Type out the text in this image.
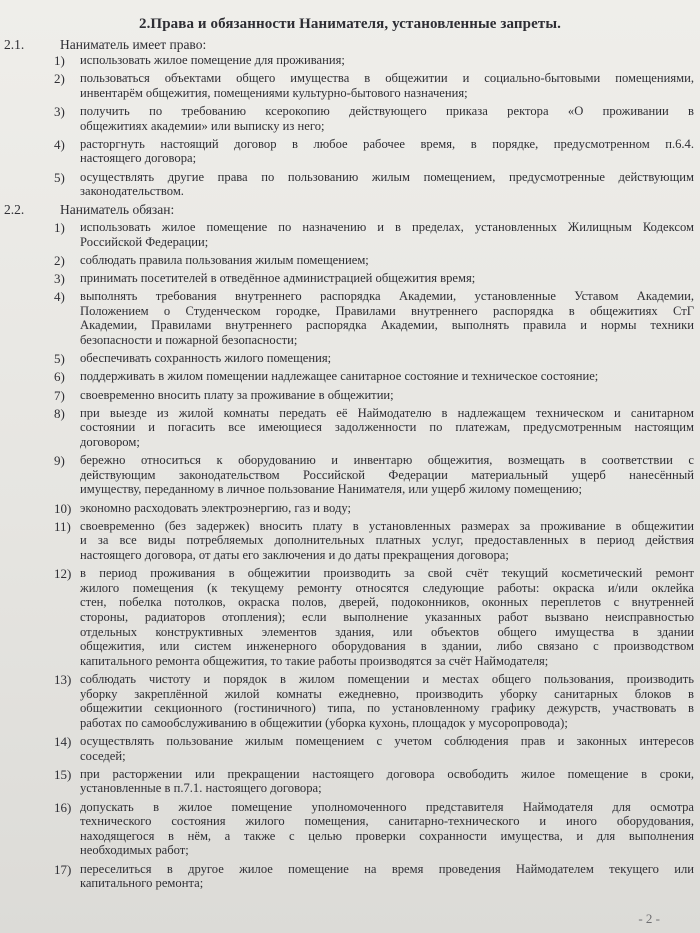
2.Права и обязанности Нанимателя, установленные запреты.
2.1.	Наниматель имеет право:
2.2.	Наниматель обязан:
- 2 -
1)	использовать жилое помещение для проживания;
2)	пользоваться объектами общего имущества в общежитии и социально-бытовыми помещениями,
инвентарём общежития, помещениями культурно-бытового назначения;
3)	получить по требованию ксерокопию действующего приказа ректора «О проживании в
общежитиях академии» или выписку из него;
4)	расторгнуть настоящий договор в любое рабочее время, в порядке, предусмотренном п.6.4.
настоящего договора;
5)	осуществлять другие права по пользованию жилым помещением, предусмотренные действующим
законодательством.
1)	использовать жилое помещение по назначению и в пределах, установленных Жилищным Кодексом
Российской Федерации;
2)	соблюдать правила пользования жилым помещением;
3)	принимать посетителей в отведённое администрацией общежития время;
4)	выполнять требования внутреннего распорядка Академии, установленные Уставом Академии,
Положением о Студенческом городке, Правилами внутреннего распорядка в общежитиях СтГ
Академии, Правилами внутреннего распорядка Академии, выполнять правила и нормы техники
безопасности и пожарной безопасности;
5)	обеспечивать сохранность жилого помещения;
6)	поддерживать в жилом помещении надлежащее санитарное состояние и техническое состояние;
7)	своевременно вносить плату за проживание в общежитии;
8)	при выезде из жилой комнаты передать её Наймодателю в надлежащем техническом и санитарном
состоянии и погасить все имеющиеся задолженности по платежам, предусмотренным настоящим
договором;
9)	бережно относиться к оборудованию и инвентарю общежития, возмещать в соответствии с
действующим законодательством Российской Федерации материальный ущерб нанесённый
имуществу, переданному в личное пользование Нанимателя, или ущерб жилому помещению;
10) экономно расходовать электроэнергию, газ и воду;
11) своевременно (без задержек) вносить плату в установленных размерах за проживание в общежитии
и за все виды потребляемых дополнительных платных услуг, предоставленных в период действия
настоящего договора, от даты его заключения и до даты прекращения договора;
12) в период проживания в общежитии производить за свой счёт текущий косметический ремонт
жилого помещения (к текущему ремонту относятся следующие работы: окраска и/или оклейка
стен, побелка потолков, окраска полов, дверей, подоконников, оконных переплетов с внутренней
стороны, радиаторов отопления); если выполнение указанных работ вызвано неисправностью
отдельных конструктивных элементов здания, или объектов общего имущества в здании
общежития, или систем инженерного оборудования в здании, либо связано с производством
капитального ремонта общежития, то такие работы производятся за счёт Наймодателя;
13) соблюдать чистоту и порядок в жилом помещении и местах общего пользования, производить
уборку закреплённой жилой комнаты ежедневно, производить уборку санитарных блоков в
общежитии секционного (гостиничного) типа, по установленному графику дежурств, участвовать в
работах по самообслуживанию в общежитии (уборка кухонь, площадок у мусоропровода);
14) осуществлять пользование жилым помещением с учетом соблюдения прав и законных интересов
соседей;
15) при расторжении или прекращении настоящего договора освободить жилое помещение в сроки,
установленные в п.7.1. настоящего договора;
16) допускать в жилое помещение уполномоченного представителя Наймодателя для осмотра
технического состояния жилого помещения, санитарно-технического и иного оборудования,
находящегося в нём, а также с целью проверки сохранности имущества, и для выполнения
необходимых работ;
17) переселиться в другое жилое помещение на время проведения Наймодателем текущего или
капитального ремонта;
